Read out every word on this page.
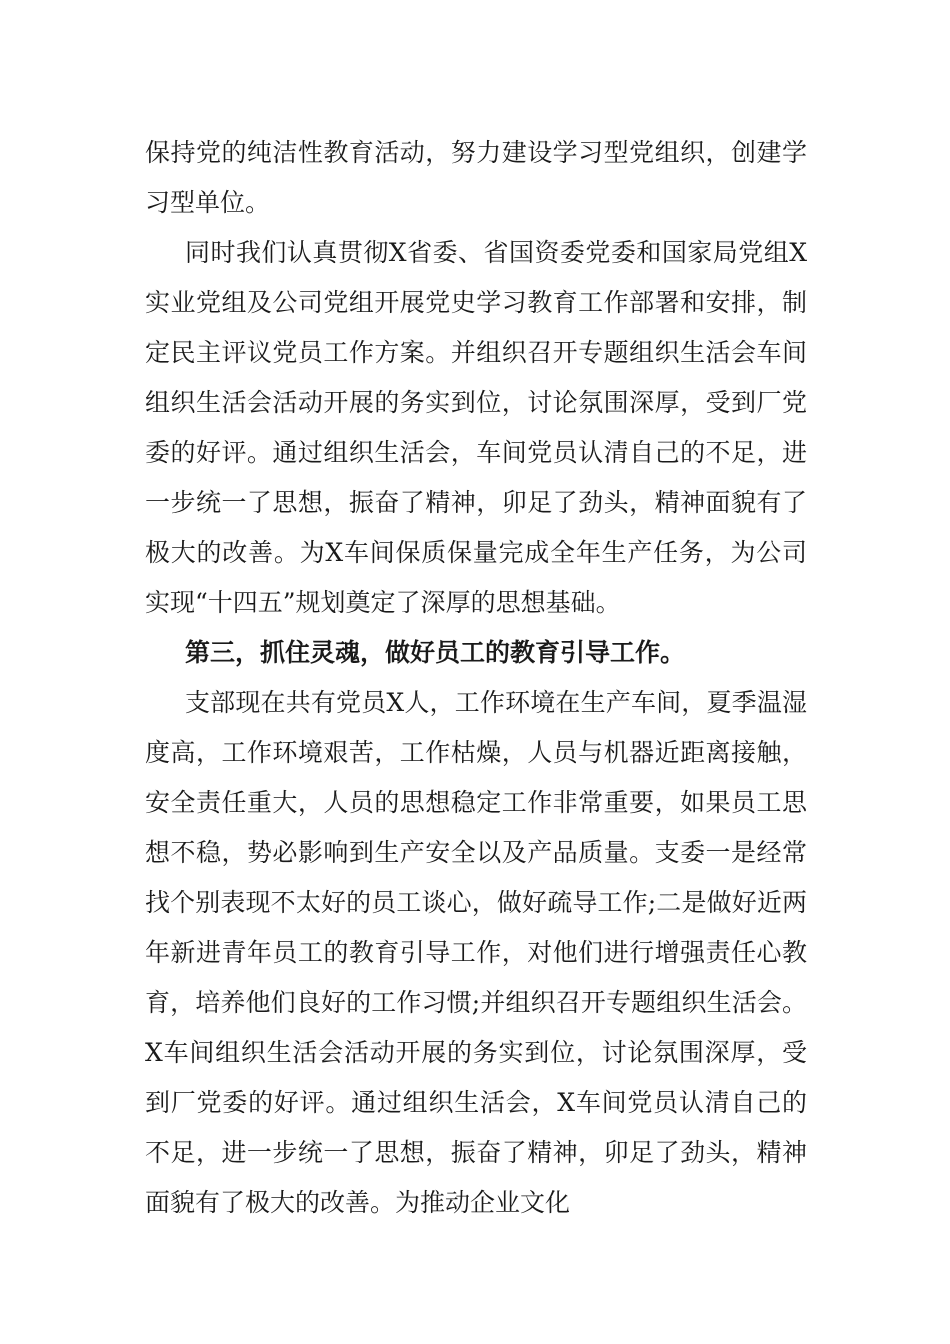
保持党的纯洁性教育活动，努力建设学习型党组织，创建学习型单位。

同时我们认真贯彻X省委、省国资委党委和国家局党组X实业党组及公司党组开展党史学习教育工作部署和安排，制定民主评议党员工作方案。并组织召开专题组织生活会车间组织生活会活动开展的务实到位，讨论氛围深厚，受到厂党委的好评。通过组织生活会，车间党员认清自己的不足，进一步统一了思想，振奋了精神，卯足了劲头，精神面貌有了极大的改善。为X车间保质保量完成全年生产任务，为公司实现“十四五”规划奠定了深厚的思想基础。

第三，抓住灵魂，做好员工的教育引导工作。

支部现在共有党员X人，工作环境在生产车间，夏季温湿度高，工作环境艰苦，工作枯燥，人员与机器近距离接触，安全责任重大，人员的思想稳定工作非常重要，如果员工思想不稳，势必影响到生产安全以及产品质量。支委一是经常找个别表现不太好的员工谈心，做好疏导工作;二是做好近两年新进青年员工的教育引导工作，对他们进行增强责任心教育，培养他们良好的工作习惯;并组织召开专题组织生活会。X车间组织生活会活动开展的务实到位，讨论氛围深厚，受到厂党委的好评。通过组织生活会，X车间党员认清自己的不足，进一步统一了思想，振奋了精神，卯足了劲头，精神面貌有了极大的改善。为推动企业文化
